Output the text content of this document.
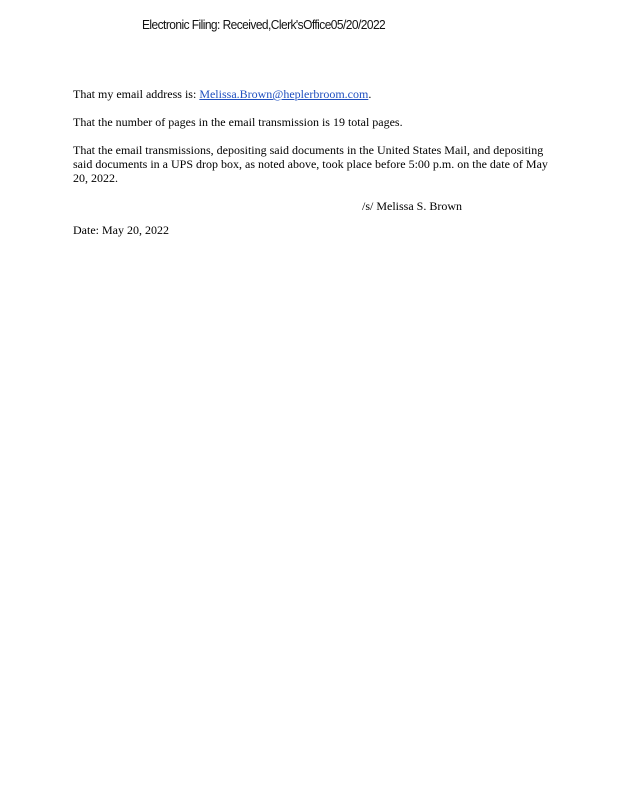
Electronic Filing: Received,Clerk'sOffice05/20/2022

That my email address is: Melissa.Brown@heplerbroom.com.

That the number of pages in the email transmission is 19 total pages.

That the email transmissions, depositing said documents in the United States Mail, and depositing said documents in a UPS drop box, as noted above, took place before 5:00 p.m. on the date of May 20, 2022.

/s/ Melissa S. Brown

Date: May 20, 2022
